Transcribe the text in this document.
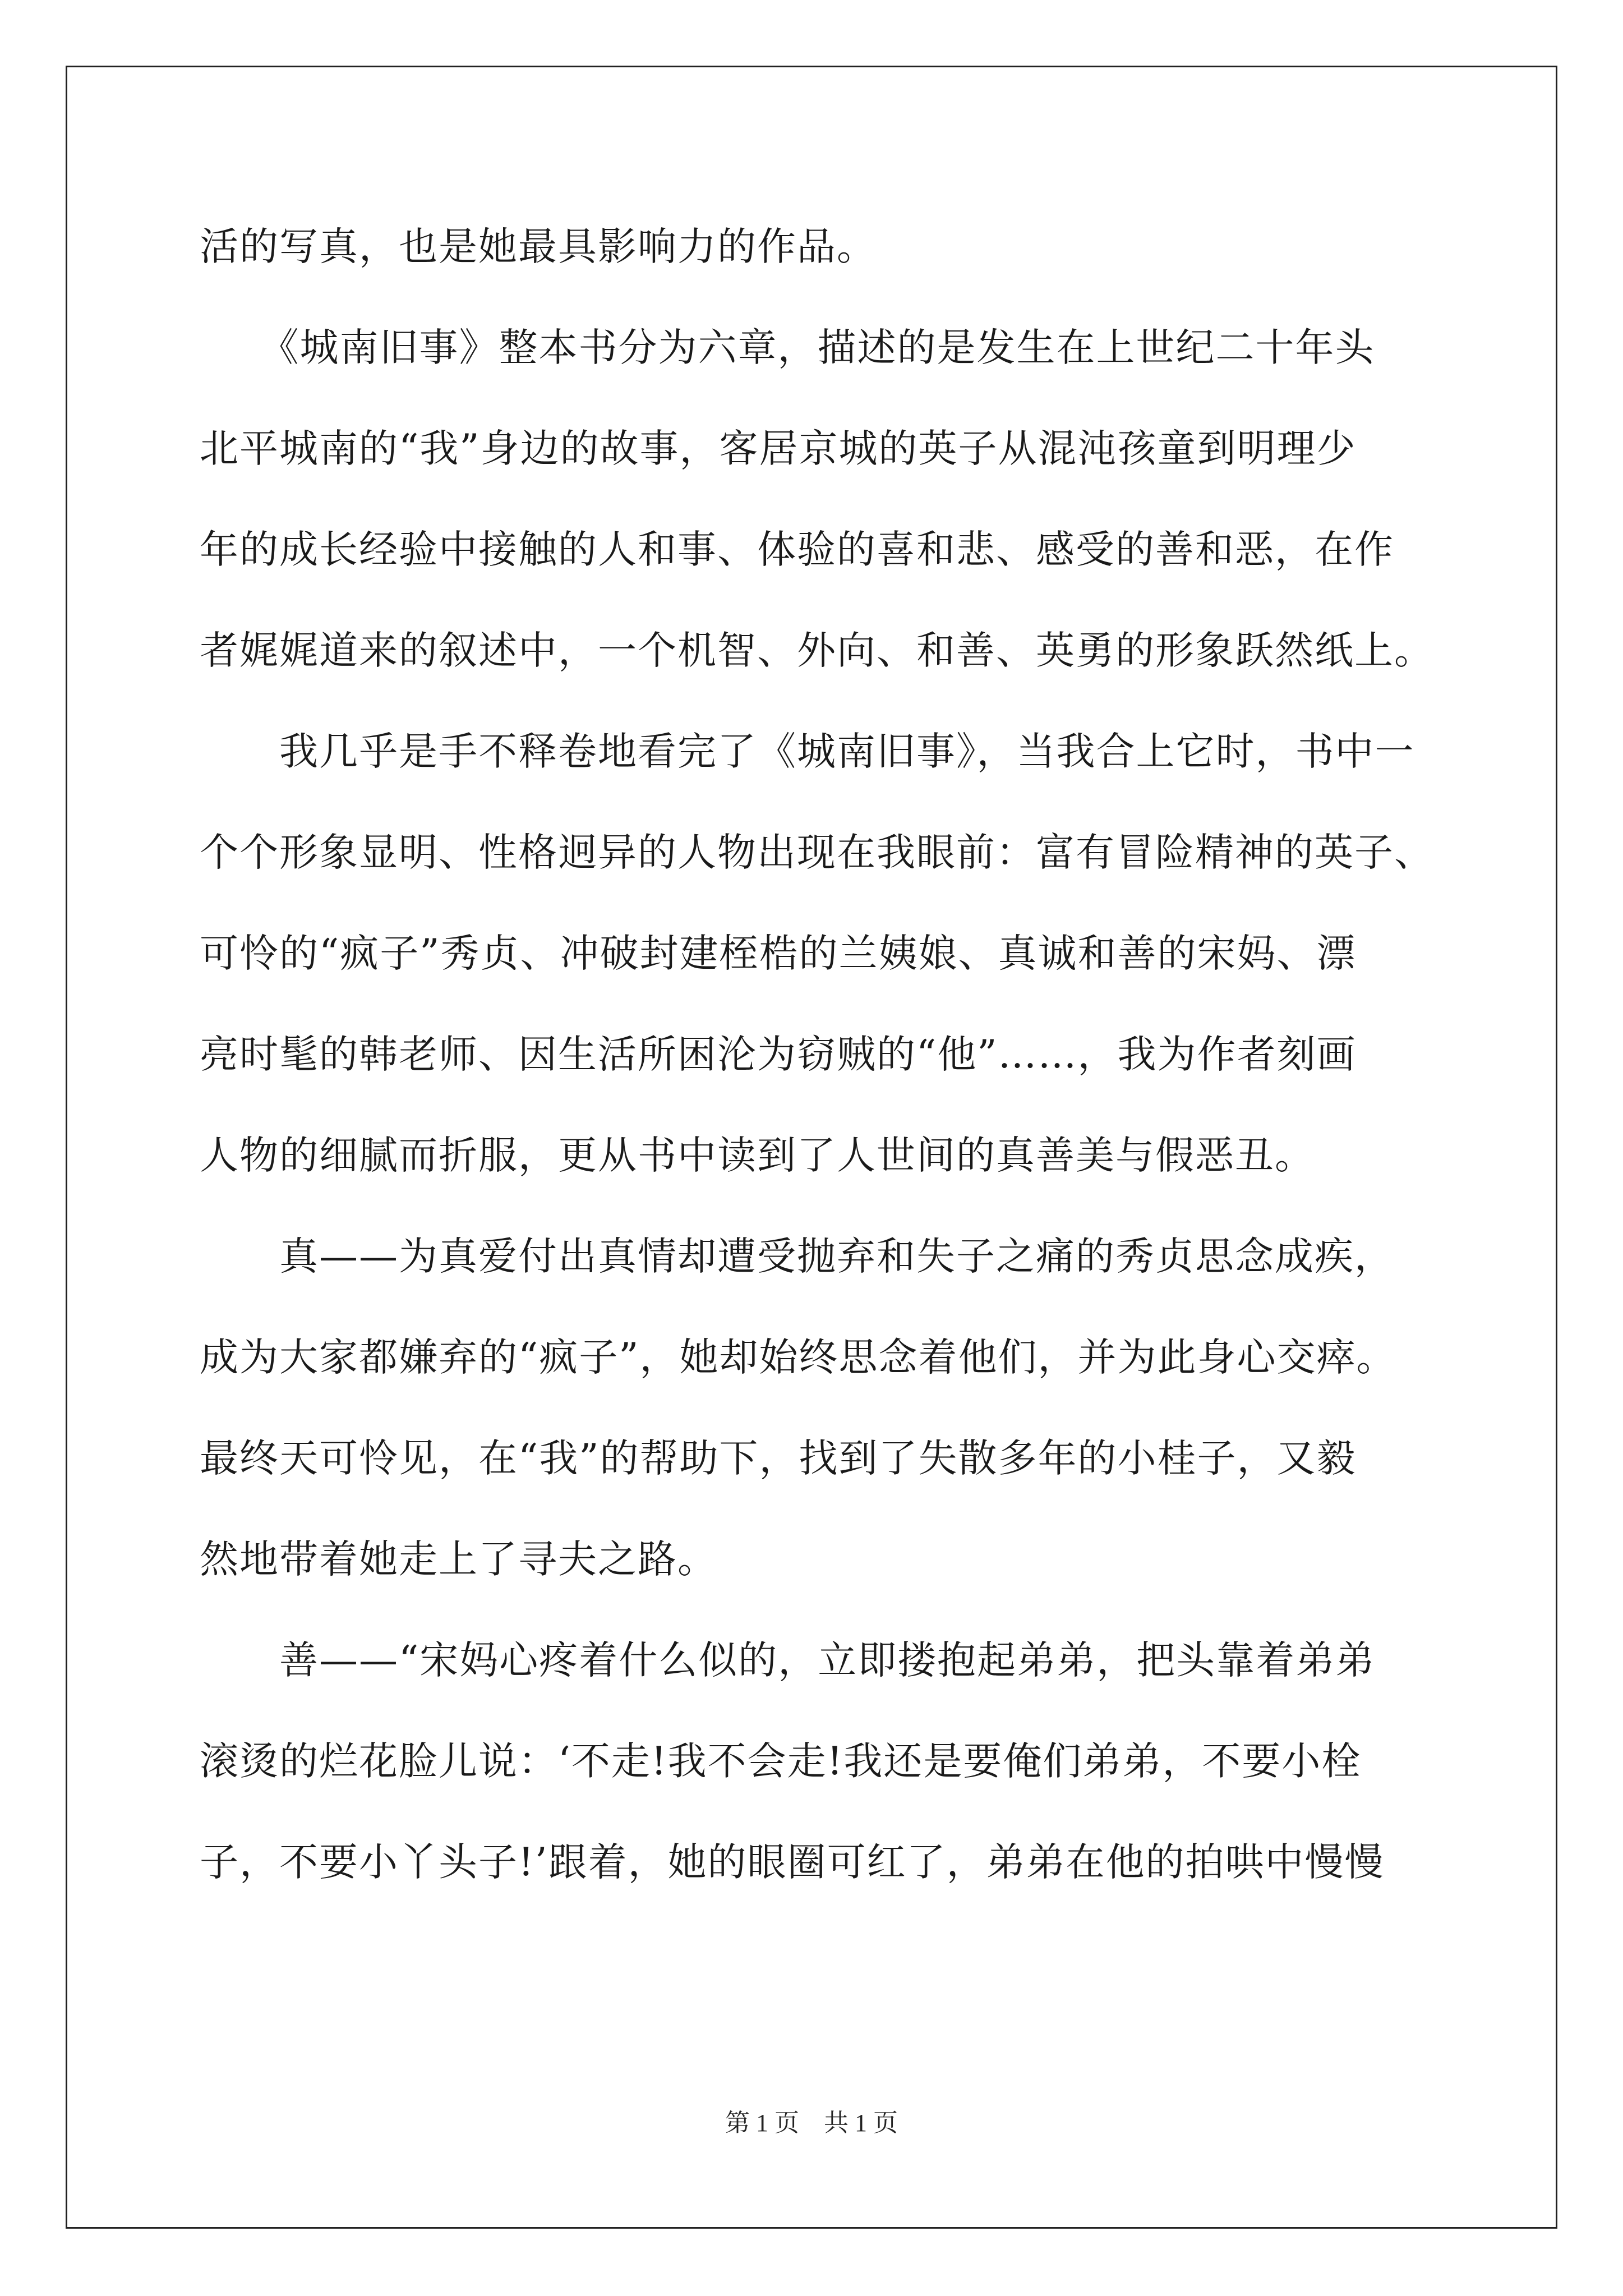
活的写真，也是她最具影响力的作品。
　　《城南旧事》整本书分为六章，描述的是发生在上世纪二十年头
北平城南的“我”身边的故事，客居京城的英子从混沌孩童到明理少
年的成长经验中接触的人和事、体验的喜和悲、感受的善和恶，在作
者娓娓道来的叙述中，一个机智、外向、和善、英勇的形象跃然纸上。
　　我几乎是手不释卷地看完了《城南旧事》，当我合上它时，书中一
个个形象显明、性格迥异的人物出现在我眼前：富有冒险精神的英子、
可怜的“疯子”秀贞、冲破封建桎梏的兰姨娘、真诚和善的宋妈、漂
亮时髦的韩老师、因生活所困沦为窃贼的“他”……，我为作者刻画
人物的细腻而折服，更从书中读到了人世间的真善美与假恶丑。
　　真——为真爱付出真情却遭受抛弃和失子之痛的秀贞思念成疾，
成为大家都嫌弃的“疯子”，她却始终思念着他们，并为此身心交瘁。
最终天可怜见，在“我”的帮助下，找到了失散多年的小桂子，又毅
然地带着她走上了寻夫之路。
　　善——“宋妈心疼着什么似的，立即搂抱起弟弟，把头靠着弟弟
滚烫的烂花脸儿说：‘不走!我不会走!我还是要俺们弟弟，不要小栓
子，不要小丫头子!’跟着，她的眼圈可红了，弟弟在他的拍哄中慢慢
第 1 页 共 1 页
